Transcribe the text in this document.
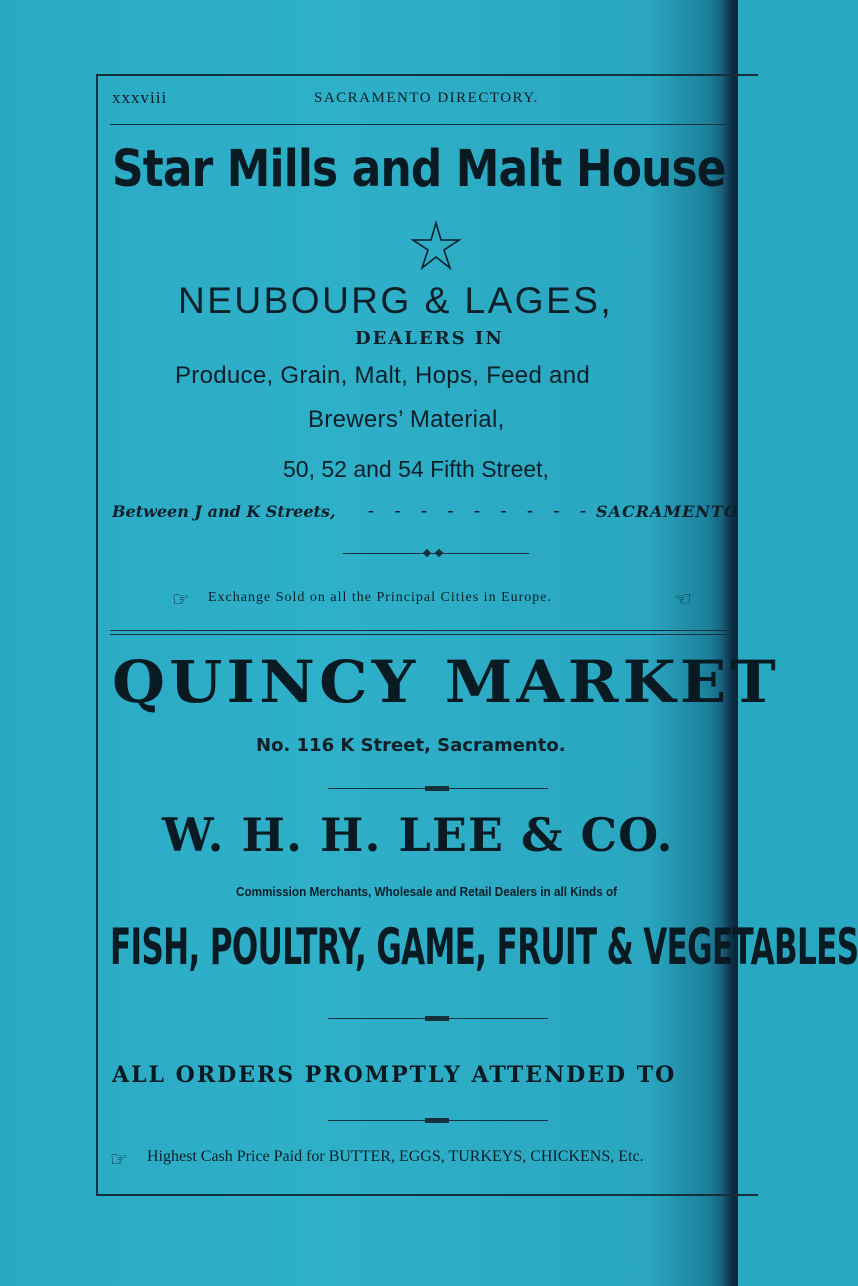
xxxviii	SACRAMENTO DIRECTORY.
Star Mills and Malt House
NEUBOURG & LAGES,
DEALERS IN
Produce, Grain, Malt, Hops, Feed and
Brewers’ Material,
50, 52 and 54 Fifth Street,
Between J and K Streets, - - - - - - - - - SACRAMENTO
☞ Exchange Sold on all the Principal Cities in Europe.	☜
QUINCY MARKET
No. 116 K Street, Sacramento.
W. H. H. LEE & CO.
Commission Merchants, Wholesale and Retail Dealers in all Kinds of
FISH, POULTRY, GAME, FRUIT & VEGETABLES
ALL ORDERS PROMPTLY ATTENDED TO
☞ Highest Cash Price Paid for BUTTER, EGGS, TURKEYS, CHICKENS, Etc.
